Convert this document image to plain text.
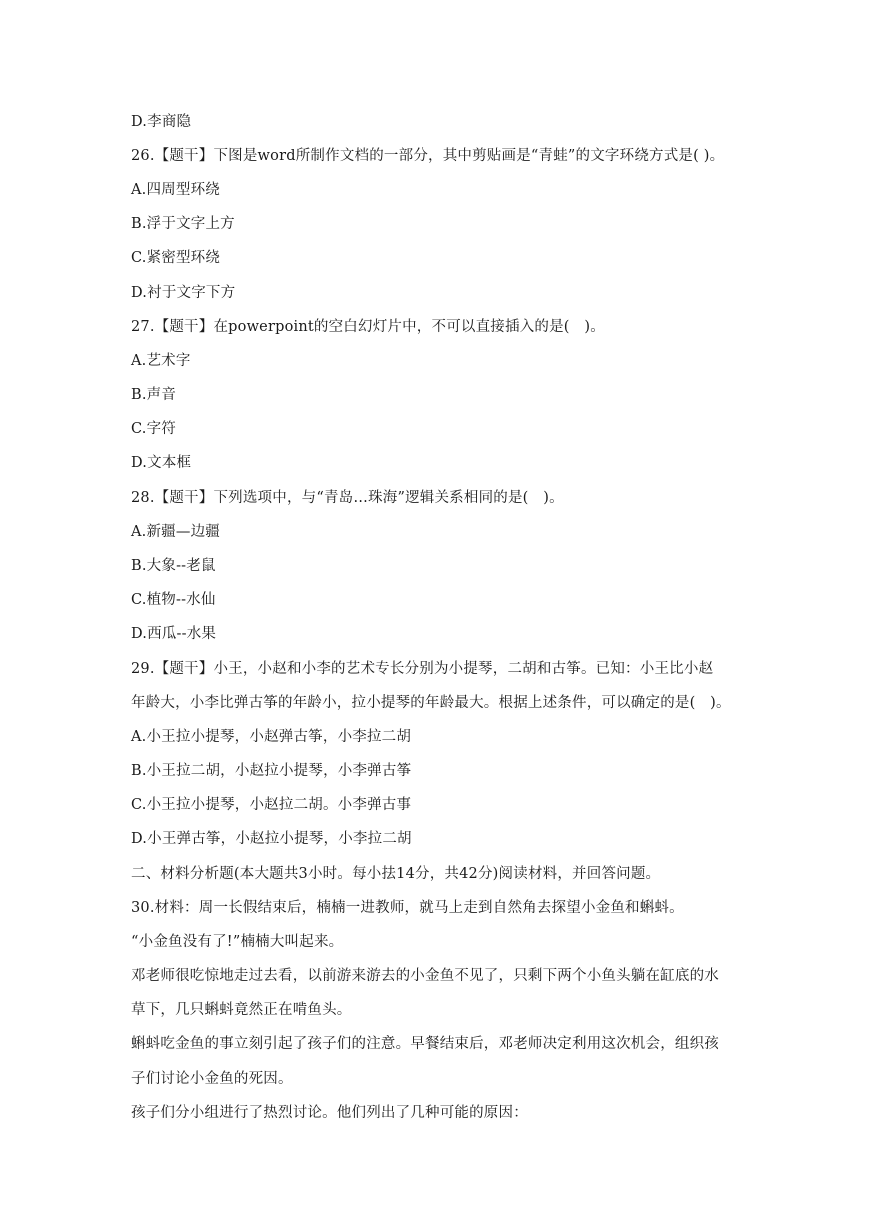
D.李商隐
26.【题干】下图是word所制作文档的一部分，其中剪贴画是“青蛙”的文字环绕方式是( )。
A.四周型环绕
B.浮于文字上方
C.紧密型环绕
D.衬于文字下方
27.【题干】在powerpoint的空白幻灯片中，不可以直接插入的是(　)。
A.艺术字
B.声音
C.字符
D.文本框
28.【题干】下列选项中，与“青岛…珠海”逻辑关系相同的是(　)。
A.新疆—边疆
B.大象--老鼠
C.植物--水仙
D.西瓜--水果
29.【题干】小王，小赵和小李的艺术专长分别为小提琴，二胡和古筝。已知：小王比小赵
年龄大，小李比弹古筝的年龄小，拉小提琴的年龄最大。根据上述条件，可以确定的是(　)。
A.小王拉小提琴，小赵弹古筝，小李拉二胡
B.小王拉二胡，小赵拉小提琴，小李弹古筝
C.小王拉小提琴，小赵拉二胡。小李弹古事
D.小王弹古筝，小赵拉小提琴，小李拉二胡
二、材料分析题(本大题共3小时。每小抾14分，共42分)阅读材料，并回答问题。
30.材料：周一长假结束后，楠楠一进教师，就马上走到自然角去探望小金鱼和蝌蚪。
“小金鱼没有了!”楠楠大叫起来。
邓老师很吃惊地走过去看，以前游来游去的小金鱼不见了，只剩下两个小鱼头躺在缸底的水
草下，几只蝌蚪竟然正在啃鱼头。
蝌蚪吃金鱼的事立刻引起了孩子们的注意。早餐结束后，邓老师决定利用这次机会，组织孩
子们讨论小金鱼的死因。
孩子们分小组进行了热烈讨论。他们列出了几种可能的原因：
